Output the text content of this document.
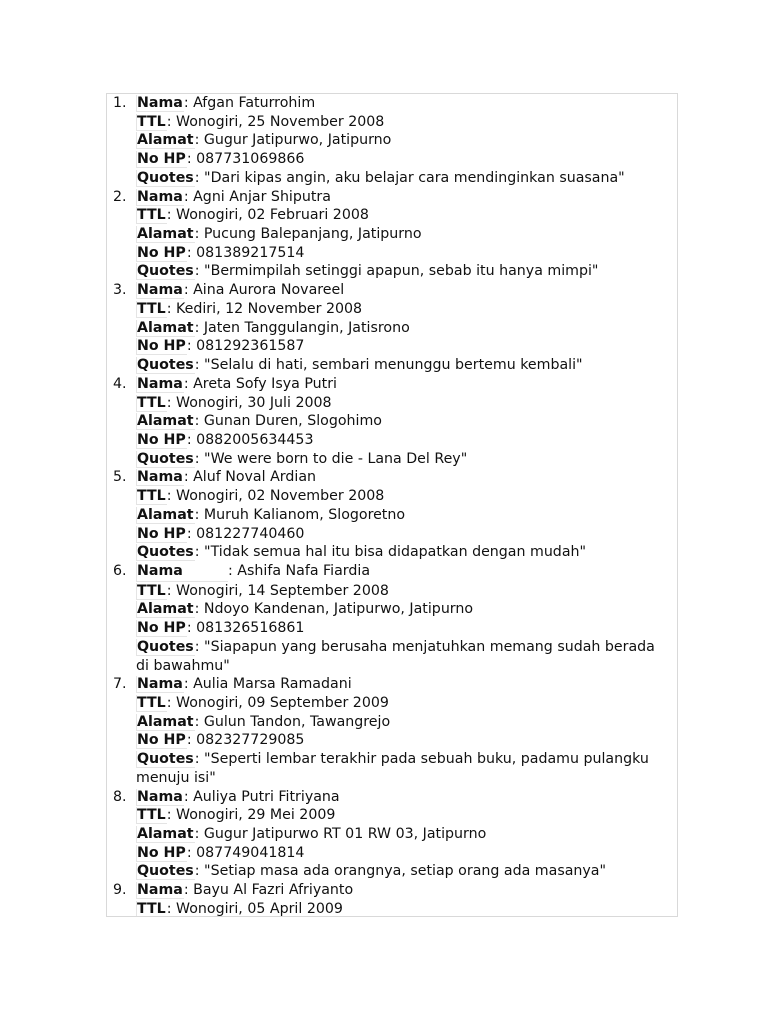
1. Nama: Afgan Faturrohim
TTL: Wonogiri, 25 November 2008
Alamat: Gugur Jatipurwo, Jatipurno
No HP: 087731069866
Quotes: "Dari kipas angin, aku belajar cara mendinginkan suasana"
2. Nama: Agni Anjar Shiputra
TTL: Wonogiri, 02 Februari 2008
Alamat: Pucung Balepanjang, Jatipurno
No HP: 081389217514
Quotes: "Bermimpilah setinggi apapun, sebab itu hanya mimpi"
3. Nama: Aina Aurora Novareel
TTL: Kediri, 12 November 2008
Alamat: Jaten Tanggulangin, Jatisrono
No HP: 081292361587
Quotes: "Selalu di hati, sembari menunggu bertemu kembali"
4. Nama: Areta Sofy Isya Putri
TTL: Wonogiri, 30 Juli 2008
Alamat: Gunan Duren, Slogohimo
No HP: 0882005634453
Quotes: "We were born to die - Lana Del Rey"
5. Nama: Aluf Noval Ardian
TTL: Wonogiri, 02 November 2008
Alamat: Muruh Kalianom, Slogoretno
No HP: 081227740460
Quotes: "Tidak semua hal itu bisa didapatkan dengan mudah"
6. Nama	: Ashifa Nafa Fiardia
TTL: Wonogiri, 14 September 2008
Alamat: Ndoyo Kandenan, Jatipurwo, Jatipurno
No HP: 081326516861
Quotes: "Siapapun yang berusaha menjatuhkan memang sudah berada di bawahmu"
7. Nama: Aulia Marsa Ramadani
TTL: Wonogiri, 09 September 2009
Alamat: Gulun Tandon, Tawangrejo
No HP: 082327729085
Quotes: "Seperti lembar terakhir pada sebuah buku, padamu pulangku menuju isi"
8. Nama: Auliya Putri Fitriyana
TTL: Wonogiri, 29 Mei 2009
Alamat: Gugur Jatipurwo RT 01 RW 03, Jatipurno
No HP: 087749041814
Quotes: "Setiap masa ada orangnya, setiap orang ada masanya"
9. Nama: Bayu Al Fazri Afriyanto
TTL: Wonogiri, 05 April 2009
